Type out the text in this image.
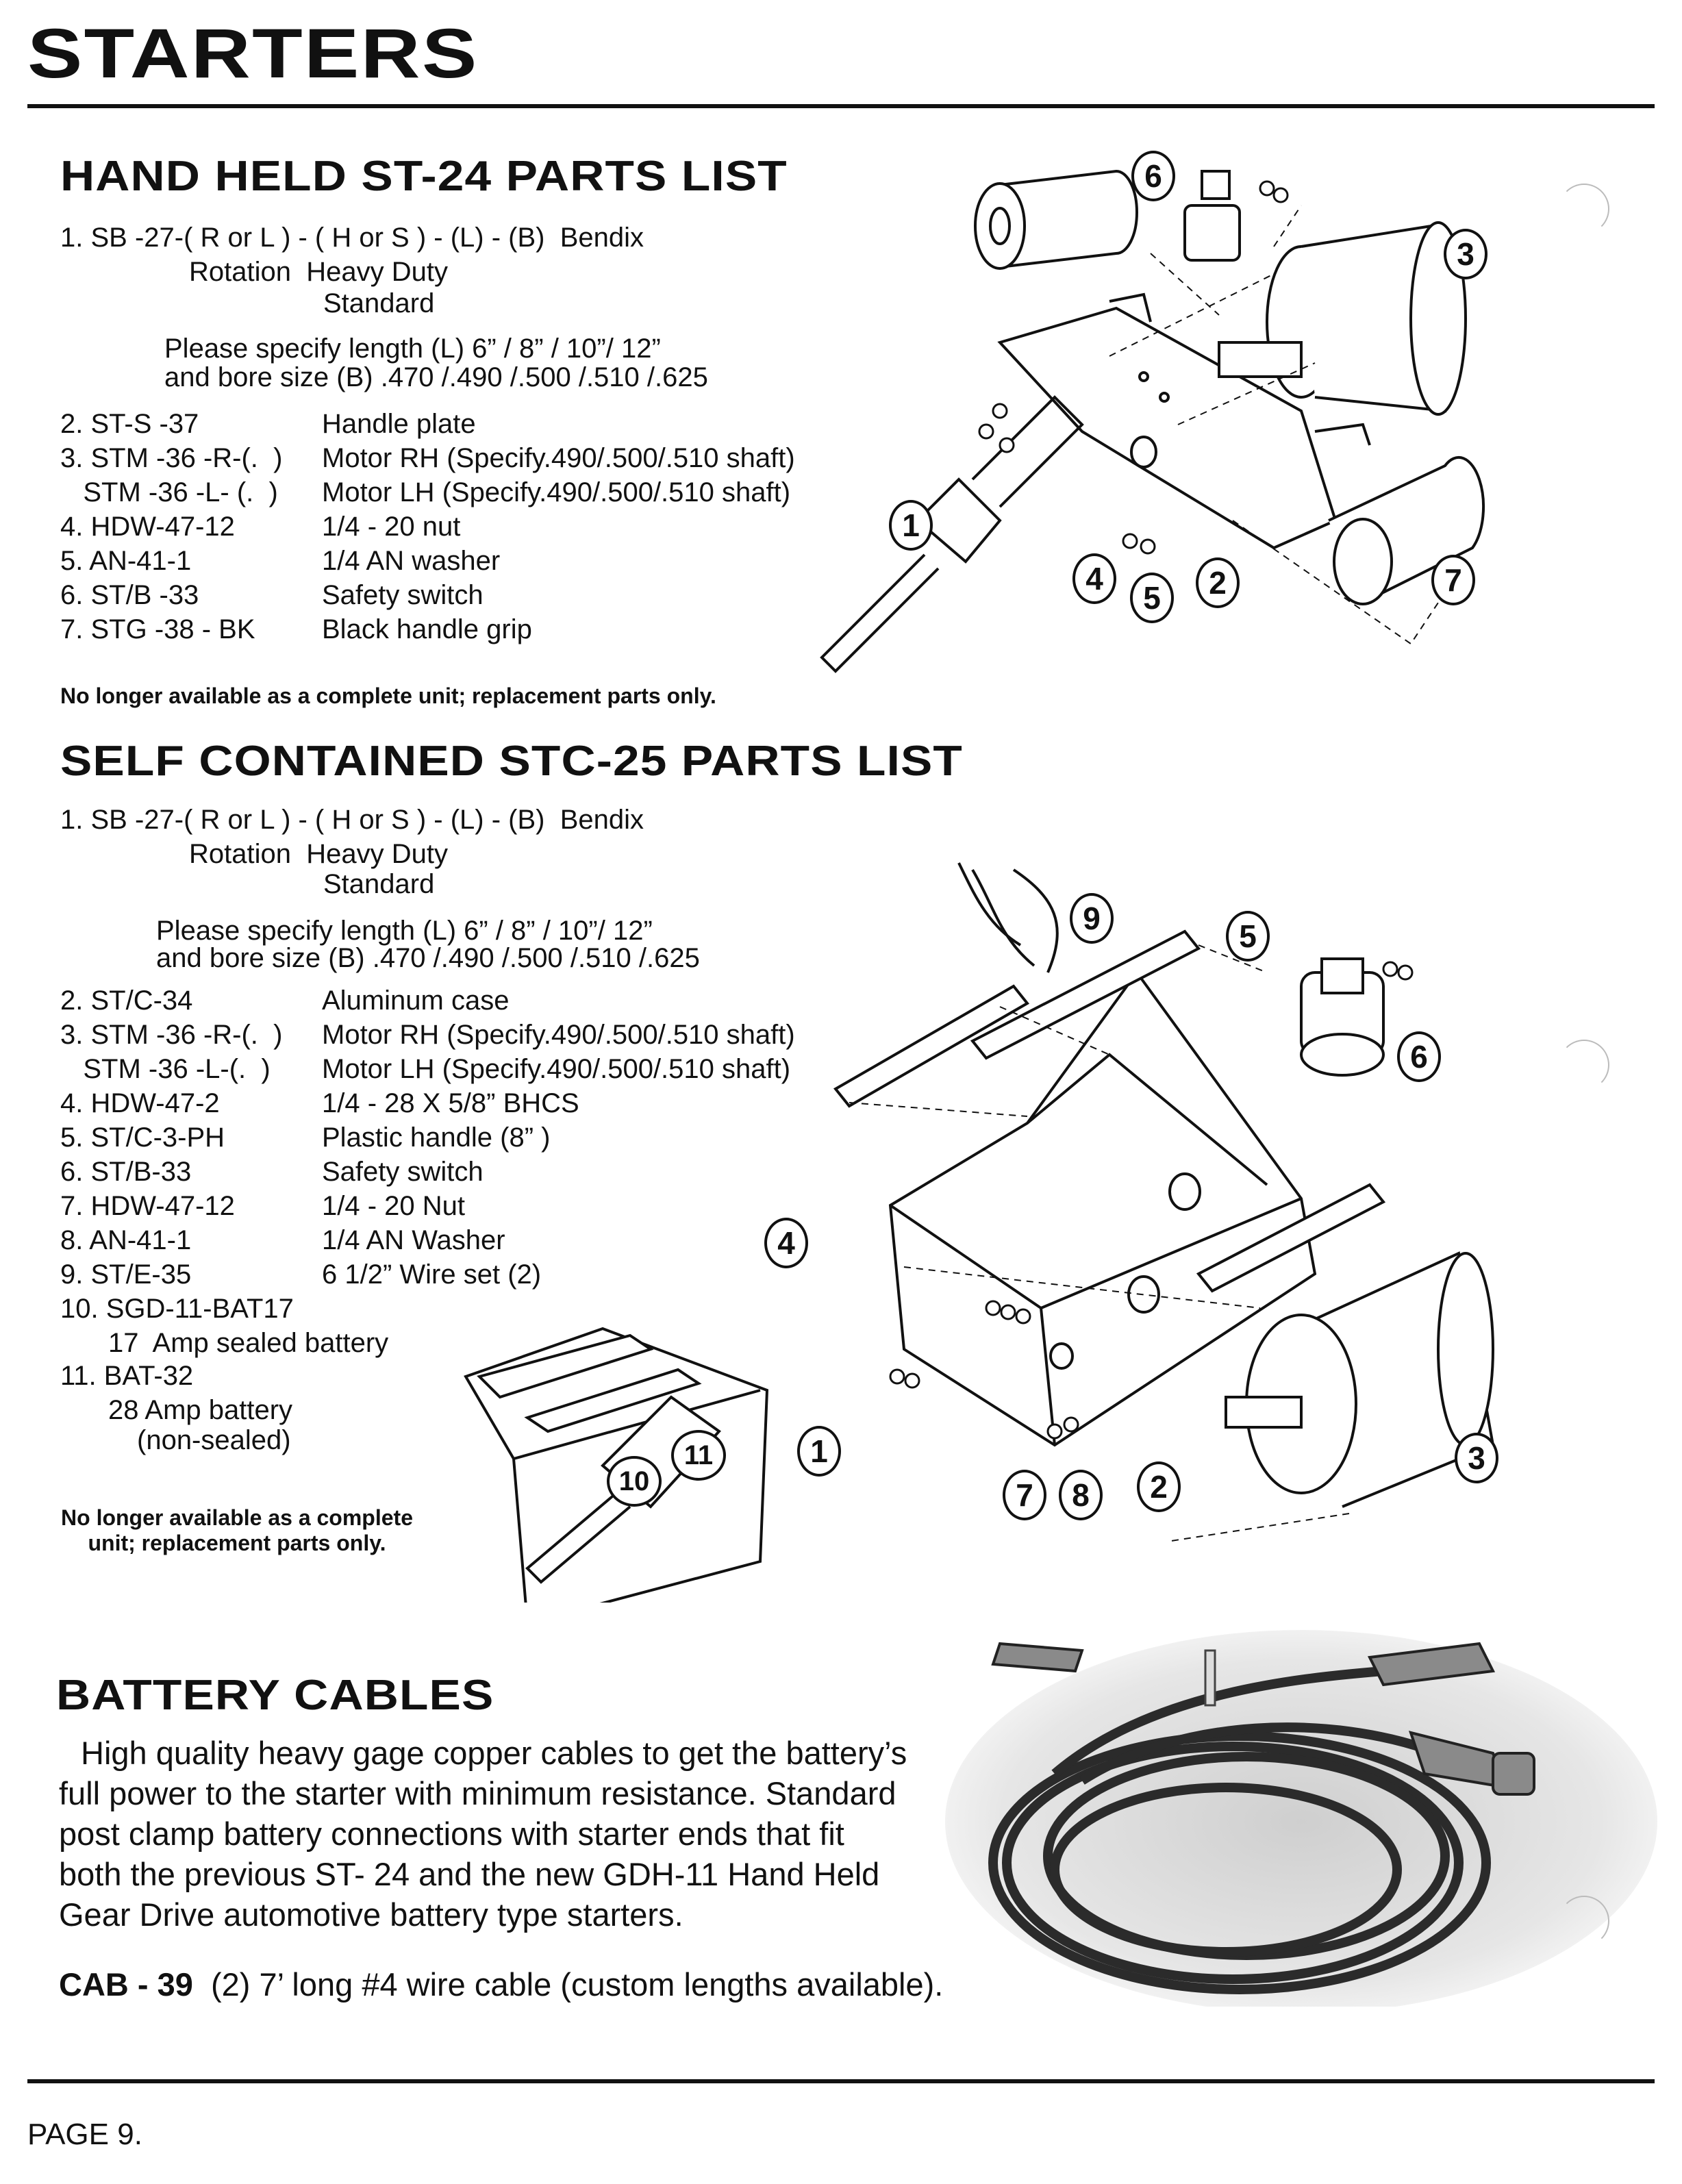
STARTERS
HAND HELD ST-24 PARTS LIST
1. SB -27-( R or L ) - ( H or S ) - (L) - (B)  Bendix
Rotation  Heavy Duty
Standard
Please specify length (L) 6” / 8” / 10”/ 12”
and bore size (B) .470 /.490 /.500 /.510 /.625
2. ST-S -37	Handle plate
3. STM -36 -R-(.  ) Motor RH (Specify.490/.500/.510 shaft)
STM -36 -L- (.  ) Motor LH (Specify.490/.500/.510 shaft)
4. HDW-47-12	1/4 - 20 nut
5. AN-41-1	1/4 AN washer
6. ST/B -33	Safety switch
7. STG -38 - BK Black handle grip
No longer available as a complete unit; replacement parts only.
6
3
1
4
5	2	7
SELF CONTAINED STC-25 PARTS LIST
1. SB -27-( R or L ) - ( H or S ) - (L) - (B)  Bendix
Rotation  Heavy Duty
Standard
Please specify length (L) 6” / 8” / 10”/ 12”
and bore size (B) .470 /.490 /.500 /.510 /.625
2. ST/C-34	Aluminum case
3. STM -36 -R-(.  ) Motor RH (Specify.490/.500/.510 shaft)
STM -36 -L-(.  ) Motor LH (Specify.490/.500/.510 shaft)
4. HDW-47-2	1/4 - 28 X 5/8” BHCS
5. ST/C-3-PH	Plastic handle (8” )
6. ST/B-33	Safety switch
7. HDW-47-12	1/4 - 20 Nut
8. AN-41-1	1/4 AN Washer
9. ST/E-35	6 1/2” Wire set (2)
10. SGD-11-BAT17
17  Amp sealed battery
11. BAT-32
28 Amp battery
(non-sealed)
No longer available as a complete
unit; replacement parts only.
9	5
6
4
1
7	8	2
3
10
11
BATTERY CABLES
High quality heavy gage copper cables to get the battery’s
full power to the starter with minimum resistance. Standard
post clamp battery connections with starter ends that fit
both the previous ST- 24 and the new GDH-11 Hand Held
Gear Drive automotive battery type starters.
CAB - 39 (2) 7’ long #4 wire cable (custom lengths available).
PAGE 9.
